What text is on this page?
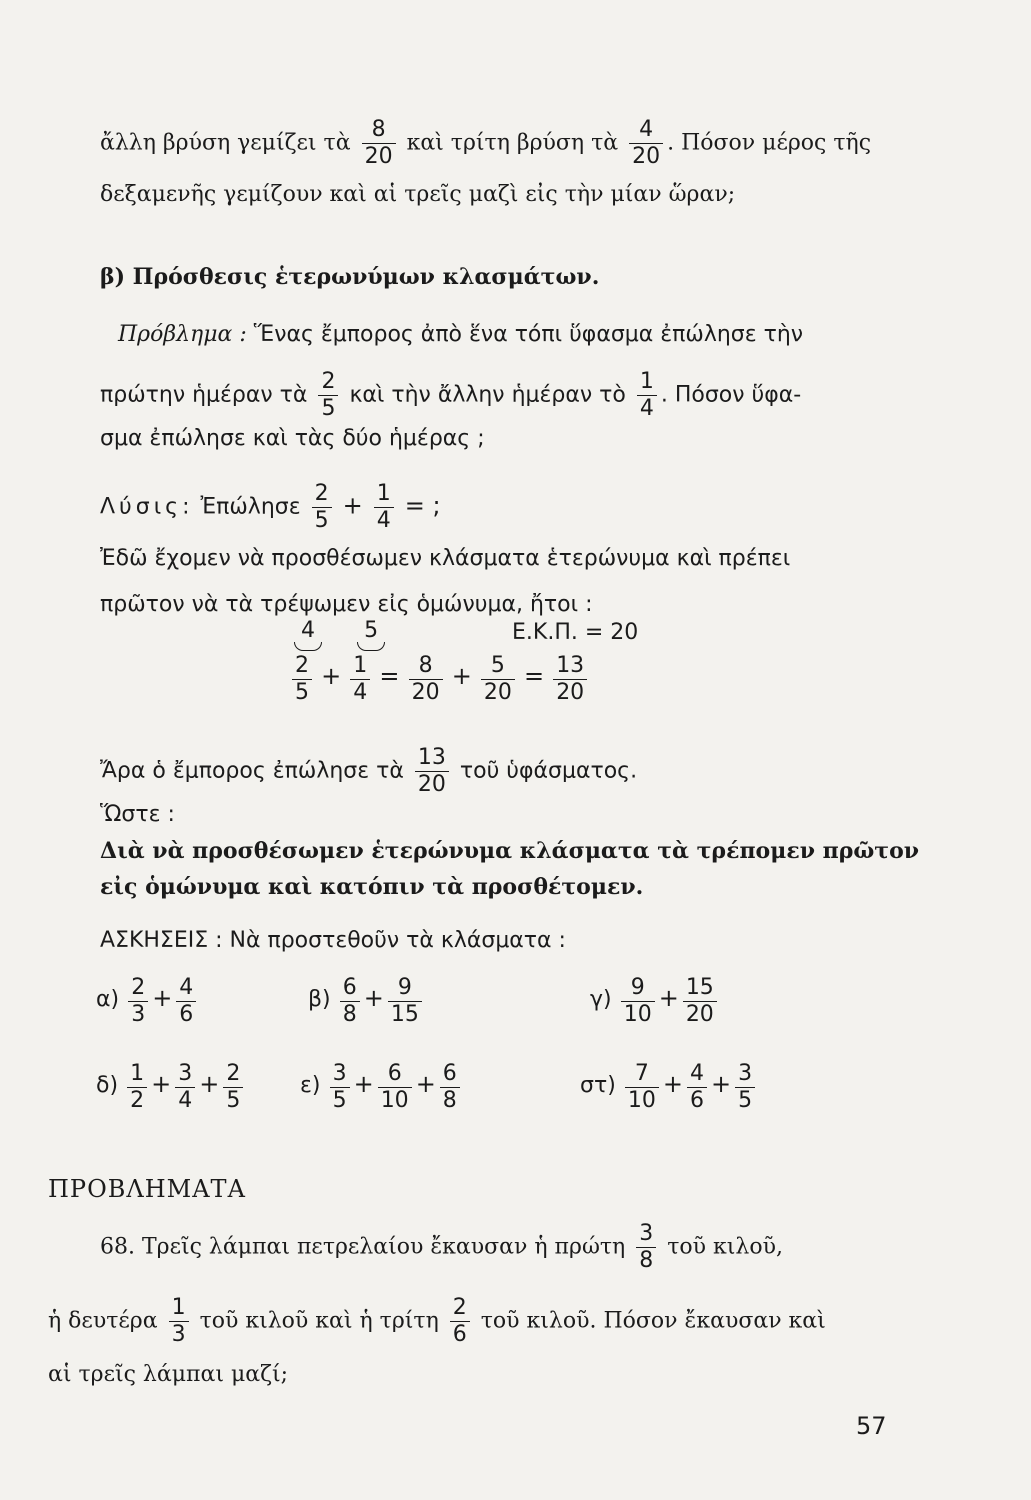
ἄλλη βρύση γεμίζει τὰ $\frac{8}{20}$ καὶ τρίτη βρύση τὰ $\frac{4}{20}$ . Πόσον μέρος τῆς
δεξαμενῆς γεμίζουν καὶ αἱ τρεῖς μαζὶ εἰς τὴν μίαν ὥραν;
β) Πρόσθεσις ἑτερωνύμων κλασμάτων.
Πρόβλημα : Ἕνας ἔμπορος ἀπὸ ἕνα τόπι ὕφασμα ἐπώλησε τὴν
πρώτην ἡμέραν τὰ $\frac{2}{5}$ καὶ τὴν ἄλλην ἡμέραν τὸ $\frac{1}{4}$ . Πόσον ὕφα-
σμα ἐπώλησε καὶ τὰς δύο ἡμέρας ;
Λύσις: Ἐπώλησε $\frac{2}{5} + \frac{1}{4}$ = ;
Ἐδῶ ἔχομεν νὰ προσθέσωμεν κλάσματα ἑτερώνυμα καὶ πρέπει
πρῶτον νὰ τὰ τρέψωμεν εἰς ὁμώνυμα, ἤτοι :
4
5	Ε.Κ.Π. = 20
$\frac{2}{5} + \frac{1}{4} = \frac{8}{20} + \frac{5}{20} = \frac{13}{20}$
Ἄρα ὁ ἔμπορος ἐπώλησε τὰ $\frac{13}{20}$ τοῦ ὑφάσματος.
Ὥστε :
Διὰ νὰ προσθέσωμεν ἑτερώνυμα κλάσματα τὰ τρέπομεν πρῶτον
εἰς ὁμώνυμα καὶ κατόπιν τὰ προσθέτομεν.
ΑΣΚΗΣΕΙΣ : Νὰ προστεθοῦν τὰ κλάσματα :
$\alpha) \frac{2}{3} + \frac{4}{6}$	$\beta) \frac{6}{8} + \frac{9}{15}$	$\gamma) \frac{9}{10} + \frac{15}{20}$
$\delta) \frac{1}{2} + \frac{3}{4} + \frac{2}{5}$	$\varepsilon) \frac{3}{5} + \frac{6}{10} + \frac{6}{8}$	$\sigma\tau) \frac{7}{10} + \frac{4}{6} + \frac{3}{5}$
ΠΡΟΒΛΗΜΑΤΑ
68. Τρεῖς λάμπαι πετρελαίου ἔκαυσαν ἡ πρώτη $\frac{3}{8}$ τοῦ κιλοῦ,
ἡ δευτέρα $\frac{1}{3}$ τοῦ κιλοῦ καὶ ἡ τρίτη $\frac{2}{6}$ τοῦ κιλοῦ. Πόσον ἔκαυσαν καὶ
αἱ τρεῖς λάμπαι μαζί;
57
